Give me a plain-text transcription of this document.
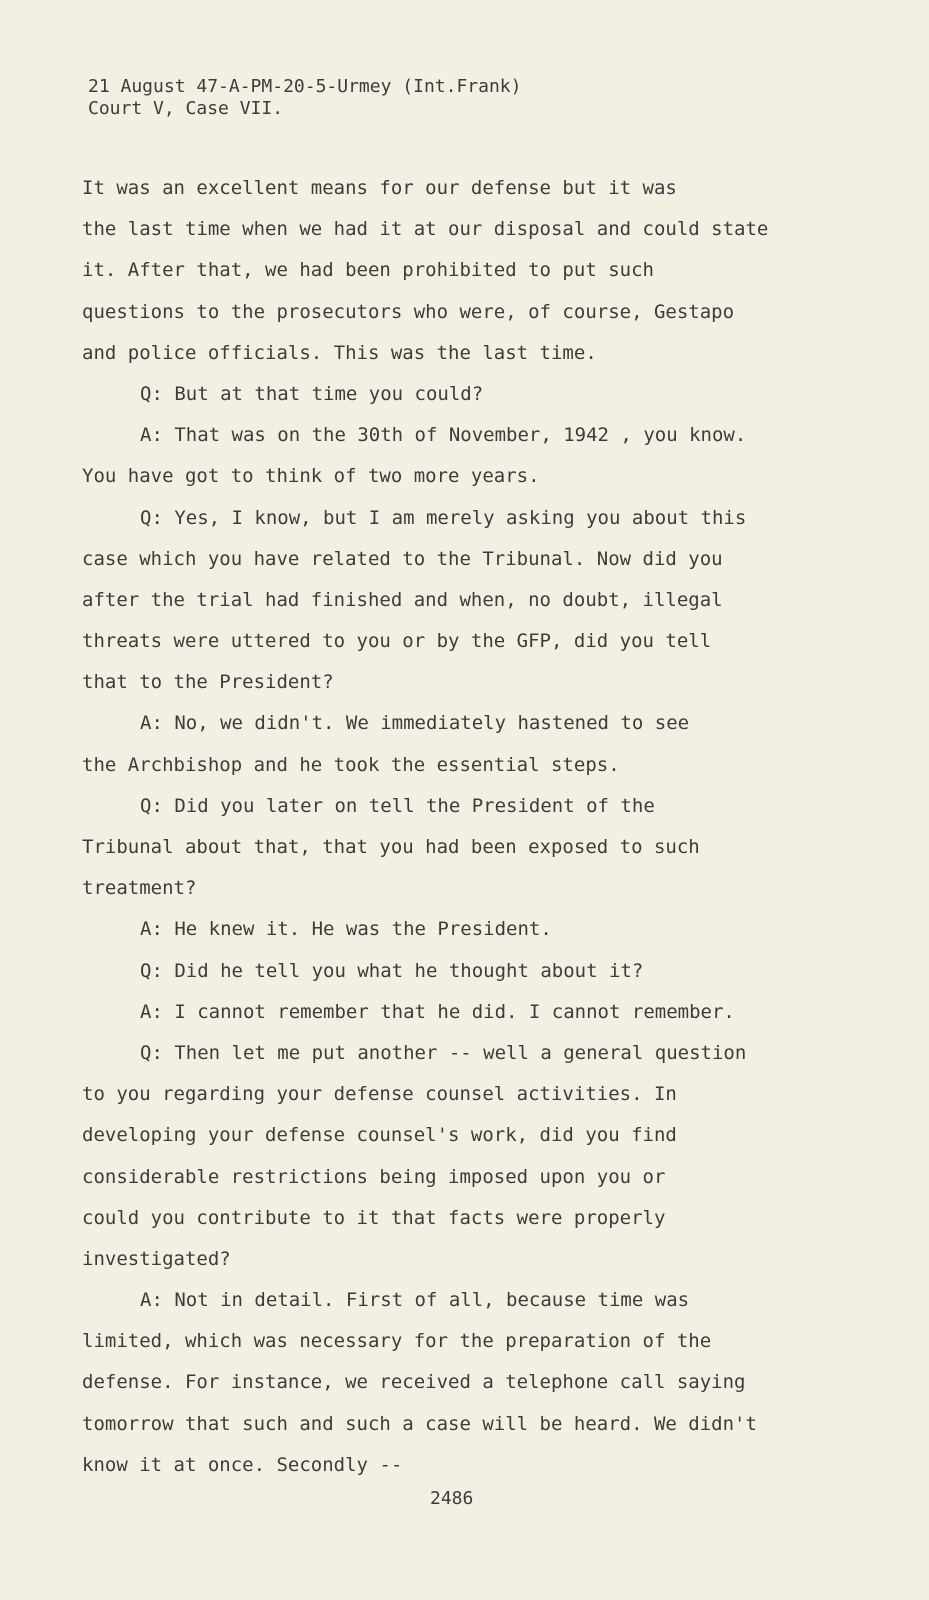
21 August 47-A-PM-20-5-Urmey (Int.Frank)
Court V, Case VII.
It was an excellent means for our defense but it was
the last time when we had it at our disposal and could state
it. After that, we had been prohibited to put such
questions to the prosecutors who were, of course, Gestapo
and police officials. This was the last time.
Q: But at that time you could?
A: That was on the 30th of November, 1942 , you know.
You have got to think of two more years.
Q: Yes, I know, but I am merely asking you about this
case which you have related to the Tribunal. Now did you
after the trial had finished and when, no doubt, illegal
threats were uttered to you or by the GFP, did you tell
that to the President?
A: No, we didn't. We immediately hastened to see
the Archbishop and he took the essential steps.
Q: Did you later on tell the President of the
Tribunal about that, that you had been exposed to such
treatment?
A: He knew it. He was the President.
Q: Did he tell you what he thought about it?
A: I cannot remember that he did. I cannot remember.
Q: Then let me put another -- well a general question
to you regarding your defense counsel activities. In
developing your defense counsel's work, did you find
considerable restrictions being imposed upon you or
could you contribute to it that facts were properly
investigated?
A: Not in detail. First of all, because time was
limited, which was necessary for the preparation of the
defense. For instance, we received a telephone call saying
tomorrow that such and such a case will be heard. We didn't
know it at once. Secondly --
2486
